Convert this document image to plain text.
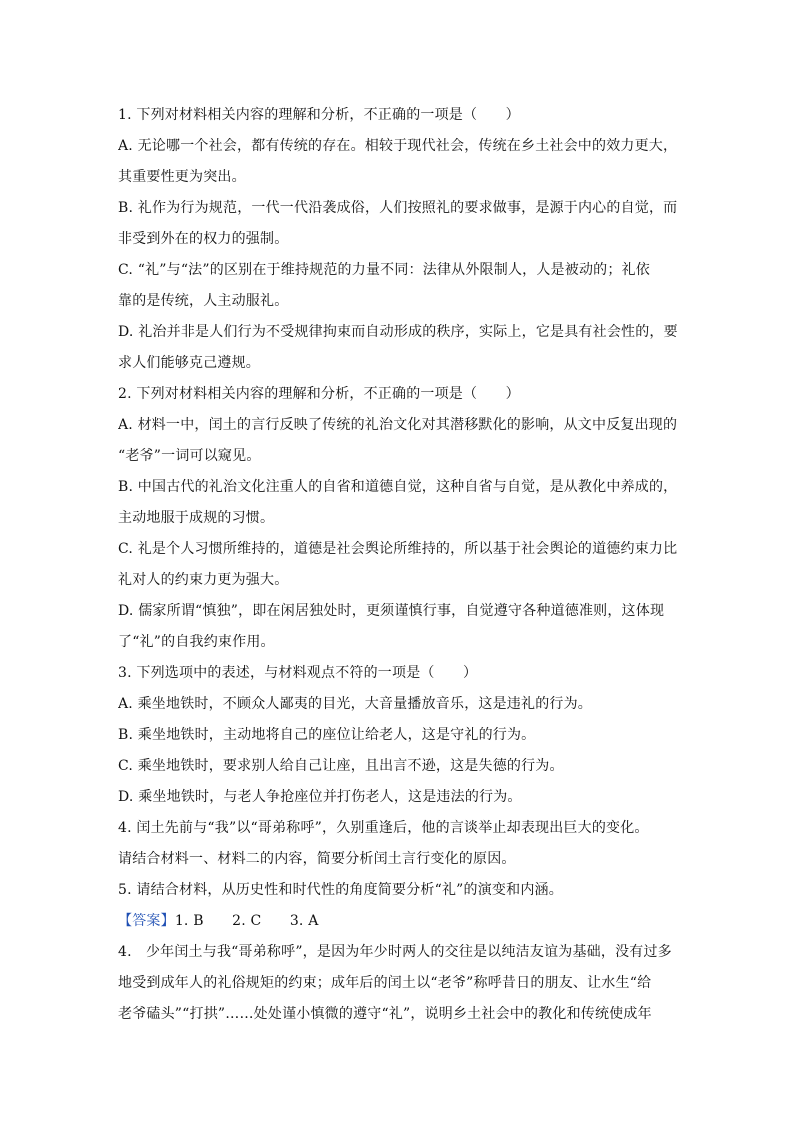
1. 下列对材料相关内容的理解和分析，不正确的一项是（　　）
A. 无论哪一个社会，都有传统的存在。相较于现代社会，传统在乡土社会中的效力更大，
其重要性更为突出。
B. 礼作为行为规范，一代一代沿袭成俗，人们按照礼的要求做事，是源于内心的自觉，而
非受到外在的权力的强制。
C. “礼”与“法”的区别在于维持规范的力量不同：法律从外限制人，人是被动的；礼依
靠的是传统，人主动服礼。
D. 礼治并非是人们行为不受规律拘束而自动形成的秩序，实际上，它是具有社会性的，要
求人们能够克己遵规。
2. 下列对材料相关内容的理解和分析，不正确的一项是（　　）
A. 材料一中，闰土的言行反映了传统的礼治文化对其潜移默化的影响，从文中反复出现的
“老爷”一词可以窥见。
B. 中国古代的礼治文化注重人的自省和道德自觉，这种自省与自觉，是从教化中养成的，
主动地服于成规的习惯。
C. 礼是个人习惯所维持的，道德是社会舆论所维持的，所以基于社会舆论的道德约束力比
礼对人的约束力更为强大。
D. 儒家所谓“慎独”，即在闲居独处时，更须谨慎行事，自觉遵守各种道德准则，这体现
了“礼”的自我约束作用。
3. 下列选项中的表述，与材料观点不符的一项是（　　）
A. 乘坐地铁时，不顾众人鄙夷的目光，大音量播放音乐，这是违礼的行为。
B. 乘坐地铁时，主动地将自己的座位让给老人，这是守礼的行为。
C. 乘坐地铁时，要求别人给自己让座，且出言不逊，这是失德的行为。
D. 乘坐地铁时，与老人争抢座位并打伤老人，这是违法的行为。
4. 闰土先前与“我”以“哥弟称呼”，久别重逢后，他的言谈举止却表现出巨大的变化。
请结合材料一、材料二的内容，简要分析闰土言行变化的原因。
5. 请结合材料，从历史性和时代性的角度简要分析“礼”的演变和内涵。
【答案】1. B　　2. C　　3. A
4.　少年闰土与我“哥弟称呼”，是因为年少时两人的交往是以纯洁友谊为基础，没有过多
地受到成年人的礼俗规矩的约束；成年后的闰土以“老爷”称呼昔日的朋友、让水生“给
老爷磕头”“打拱”……处处谨小慎微的遵守“礼”，说明乡土社会中的教化和传统使成年
